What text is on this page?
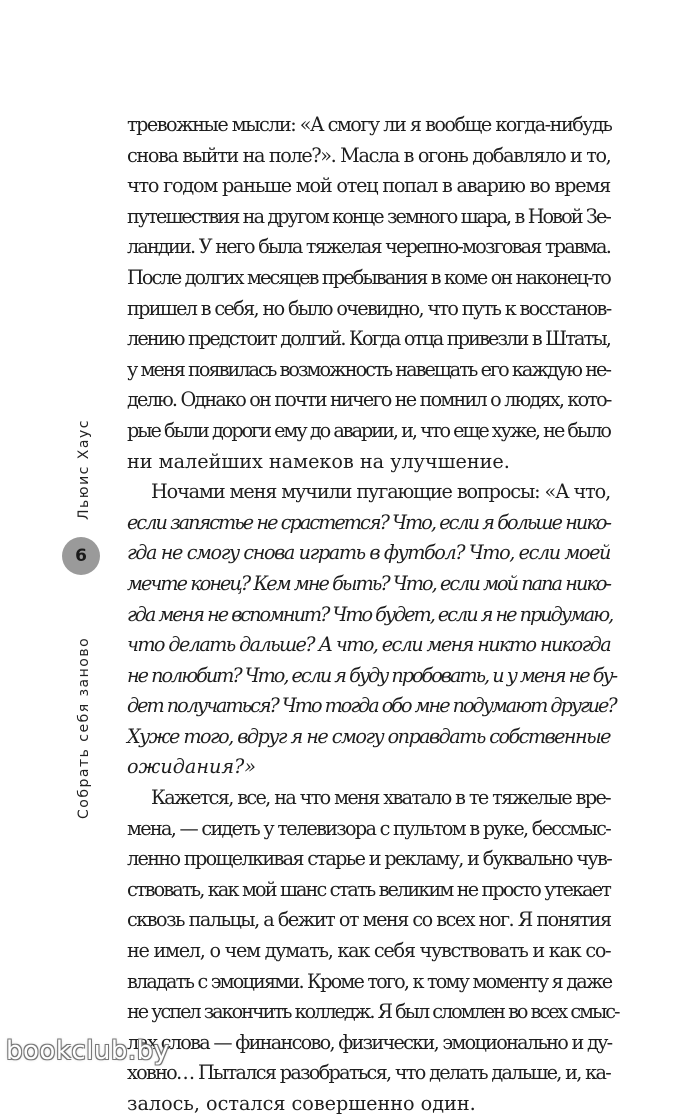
Льюис Хаус
6
Собрать себя заново
тревожные мысли: «А смогу ли я вообще когда-нибудь
снова выйти на поле?». Масла в огонь добавляло и то,
что годом раньше мой отец попал в аварию во время
путешествия на другом конце земного шара, в Новой Зе-
ландии. У него была тяжелая черепно-мозговая травма.
После долгих месяцев пребывания в коме он наконец-то
пришел в себя, но было очевидно, что путь к восстанов-
лению предстоит долгий. Когда отца привезли в Штаты,
у меня появилась возможность навещать его каждую не-
делю. Однако он почти ничего не помнил о людях, кото-
рые были дороги ему до аварии, и, что еще хуже, не было
ни малейших намеков на улучшение.
Ночами меня мучили пугающие вопросы: «А что,
если запястье не срастется? Что, если я больше нико-
гда не смогу снова играть в футбол? Что, если моей
мечте конец? Кем мне быть? Что, если мой папа нико-
гда меня не вспомнит? Что будет, если я не придумаю,
что делать дальше? А что, если меня никто никогда
не полюбит? Что, если я буду пробовать, и у меня не бу-
дет получаться? Что тогда обо мне подумают другие?
Хуже того, вдруг я не смогу оправдать собственные
ожидания?»
Кажется, все, на что меня хватало в те тяжелые вре-
мена, — сидеть у телевизора с пультом в руке, бессмыс-
ленно прощелкивая старье и рекламу, и буквально чув-
ствовать, как мой шанс стать великим не просто утекает
сквозь пальцы, а бежит от меня со всех ног. Я понятия
не имел, о чем думать, как себя чувствовать и как со-
владать с эмоциями. Кроме того, к тому моменту я даже
не успел закончить колледж. Я был сломлен во всех смыс-
лах слова — финансово, физически, эмоционально и ду-
ховно… Пытался разобраться, что делать дальше, и, ка-
залось, остался совершенно один.
bookclub.by
